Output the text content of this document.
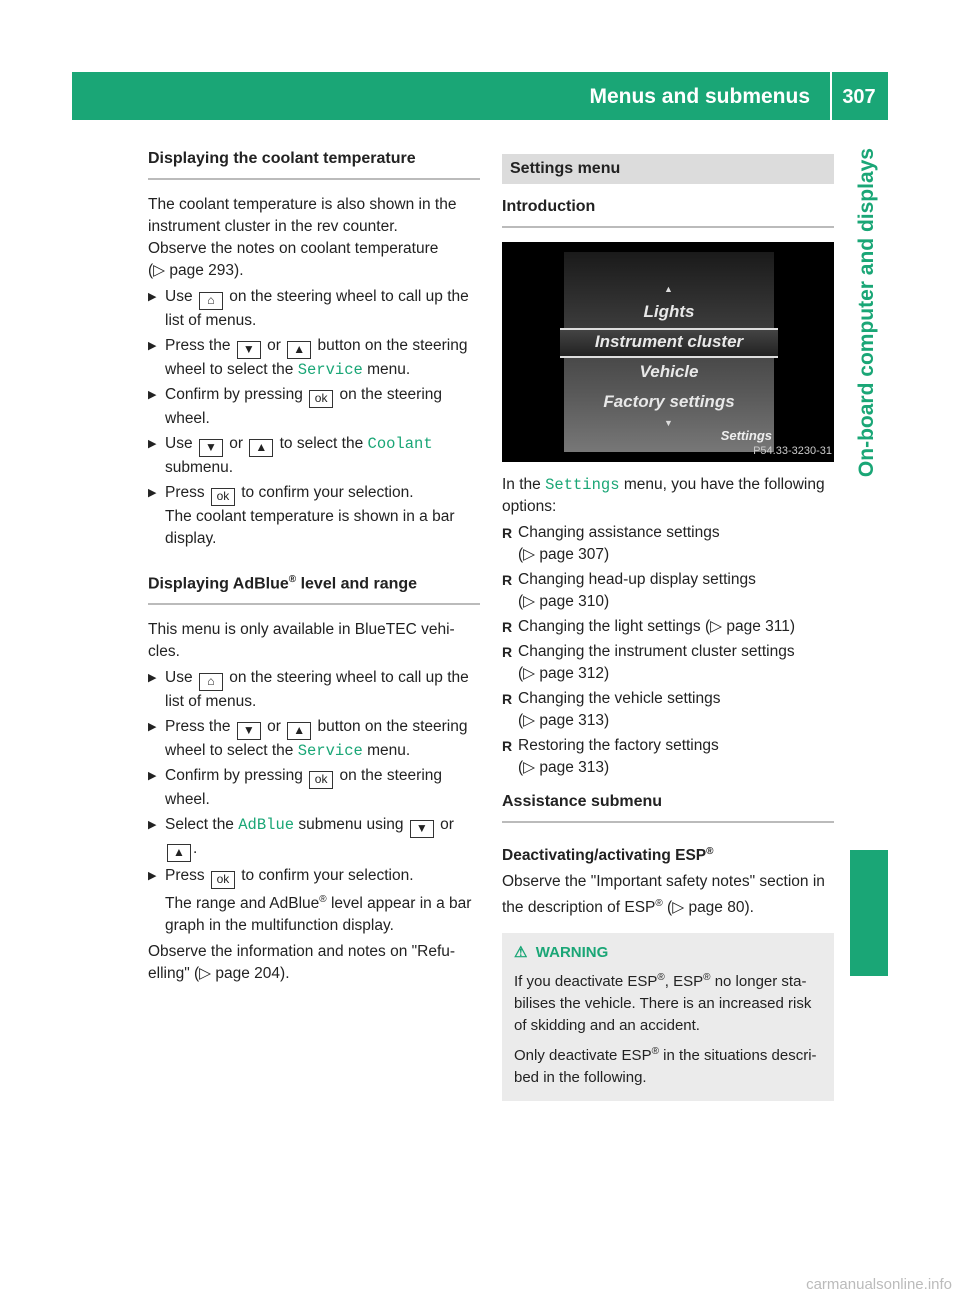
Menus and submenus	307
On-board computer and displays
Displaying the coolant temperature

The coolant temperature is also shown in the instrument cluster in the rev counter.

Observe the notes on coolant temperature
(▷ page 293).

▶ Use ⌂ on the steering wheel to call up the list of menus.
▶ Press the ▼ or ▲ button on the steering wheel to select the Service menu.
▶ Confirm by pressing ok on the steering wheel.
▶ Use ▼ or ▲ to select the Coolant submenu.
▶ Press ok to confirm your selection.
The coolant temperature is shown in a bar display.
Displaying AdBlue® level and range

This menu is only available in BlueTEC vehicles.

▶ Use ⌂ on the steering wheel to call up the list of menus.
▶ Press the ▼ or ▲ button on the steering wheel to select the Service menu.
▶ Confirm by pressing ok on the steering wheel.
▶ Select the AdBlue submenu using ▼ or ▲ .
▶ Press ok to confirm your selection.
The range and AdBlue® level appear in a bar graph in the multifunction display.

Observe the information and notes on "Refuelling" (▷ page 204).

Settings menu
Introduction
▲
Lights
Instrument cluster
Vehicle
Factory settings
▼
Settings
P54.33-3230-31

In the Settings menu, you have the following options:

R Changing assistance settings
(▷ page 307)
R Changing head-up display settings
(▷ page 310)
R Changing the light settings (▷ page 311)
R Changing the instrument cluster settings
(▷ page 312)
R Changing the vehicle settings
(▷ page 313)
R Restoring the factory settings
(▷ page 313)
Assistance submenu

Deactivating/activating ESP®

Observe the "Important safety notes" section in the description of ESP® (▷ page 80).

⚠ WARNING

If you deactivate ESP®, ESP® no longer stabilises the vehicle. There is an increased risk of skidding and an accident.

Only deactivate ESP® in the situations described in the following.

carmanualsonline.info
